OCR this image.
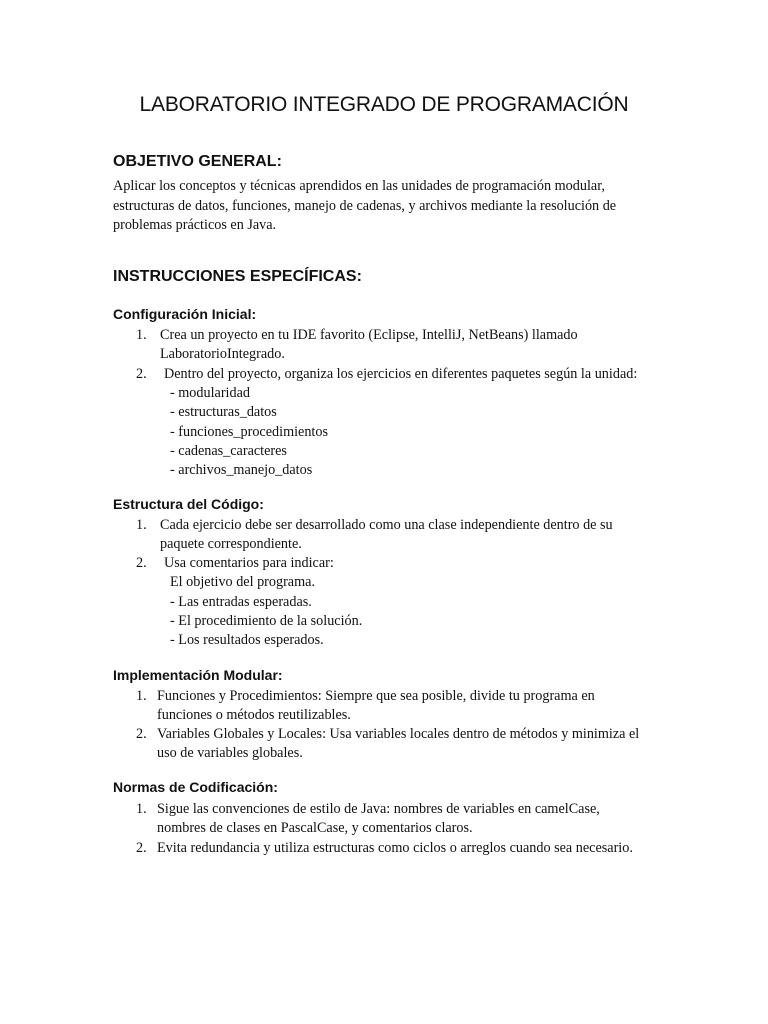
LABORATORIO INTEGRADO DE PROGRAMACIÓN
OBJETIVO GENERAL:

Aplicar los conceptos y técnicas aprendidos en las unidades de programación modular, estructuras de datos, funciones, manejo de cadenas, y archivos mediante la resolución de problemas prácticos en Java.

INSTRUCCIONES ESPECÍFICAS:
Configuración Inicial:
1. Crea un proyecto en tu IDE favorito (Eclipse, IntelliJ, NetBeans) llamado
LaboratorioIntegrado.
2. Dentro del proyecto, organiza los ejercicios en diferentes paquetes según la unidad:
- modularidad
- estructuras_datos
- funciones_procedimientos
- cadenas_caracteres
- archivos_manejo_datos
Estructura del Código:
1. Cada ejercicio debe ser desarrollado como una clase independiente dentro de su
paquete correspondiente.
2. Usa comentarios para indicar:
El objetivo del programa.
- Las entradas esperadas.
- El procedimiento de la solución.
- Los resultados esperados.
Implementación Modular:
1. Funciones y Procedimientos: Siempre que sea posible, divide tu programa en
funciones o métodos reutilizables.
2. Variables Globales y Locales: Usa variables locales dentro de métodos y minimiza el
uso de variables globales.
Normas de Codificación:
1. Sigue las convenciones de estilo de Java: nombres de variables en camelCase,
nombres de clases en PascalCase, y comentarios claros.
2. Evita redundancia y utiliza estructuras como ciclos o arreglos cuando sea necesario.
